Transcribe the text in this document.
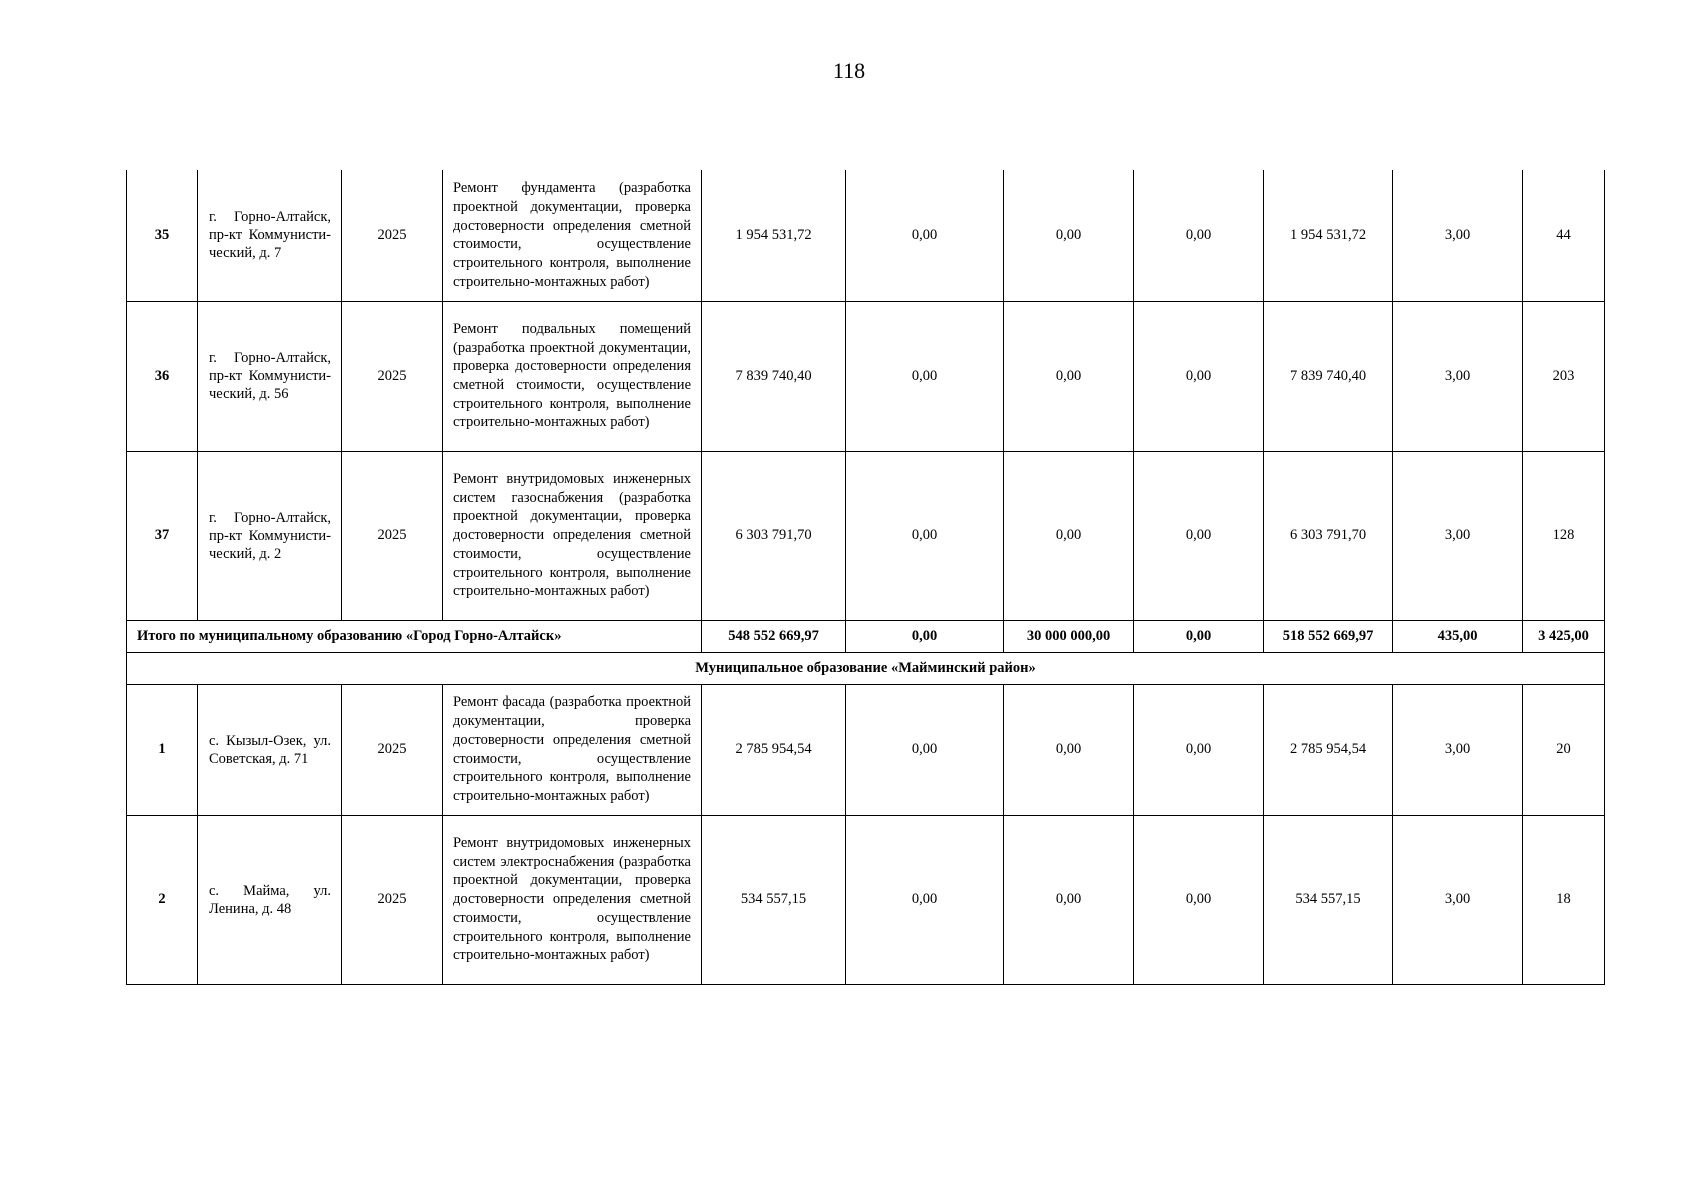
118
35	г. Горно-Алтайск, пр-кт Коммунисти-ческий, д. 7	2025	Ремонт фундамента (разработка проектной документации, проверка достоверности определения сметной стоимости, осуществление строительного контроля, выполнение строительно-монтажных работ)	1 954 531,72	0,00	0,00	0,00	1 954 531,72	3,00	44
36	г. Горно-Алтайск, пр-кт Коммунисти-ческий, д. 56	2025	Ремонт подвальных помещений (разработка проектной документации, проверка достоверности определения сметной стоимости, осуществление строительного контроля, выполнение строительно-монтажных работ)	7 839 740,40	0,00	0,00	0,00	7 839 740,40	3,00	203
37	г. Горно-Алтайск, пр-кт Коммунисти-ческий, д. 2	2025	Ремонт внутридомовых инженерных систем газоснабжения (разработка проектной документации, проверка достоверности определения сметной стоимости, осуществление строительного контроля, выполнение строительно-монтажных работ)	6 303 791,70	0,00	0,00	0,00	6 303 791,70	3,00	128
Итого по муниципальному образованию «Город Горно-Алтайск»				548 552 669,97	0,00	30 000 000,00	0,00	518 552 669,97	435,00	3 425,00
Муниципальное образование «Майминский район»										
1	с. Кызыл-Озек, ул. Советская, д. 71	2025	Ремонт фасада (разработка проектной документации, проверка достоверности определения сметной стоимости, осуществление строительного контроля, выполнение строительно-монтажных работ)	2 785 954,54	0,00	0,00	0,00	2 785 954,54	3,00	20
2	с. Майма, ул. Ленина, д. 48	2025	Ремонт внутридомовых инженерных систем электроснабжения (разработка проектной документации, проверка достоверности определения сметной стоимости, осуществление строительного контроля, выполнение строительно-монтажных работ)	534 557,15	0,00	0,00	0,00	534 557,15	3,00	18
